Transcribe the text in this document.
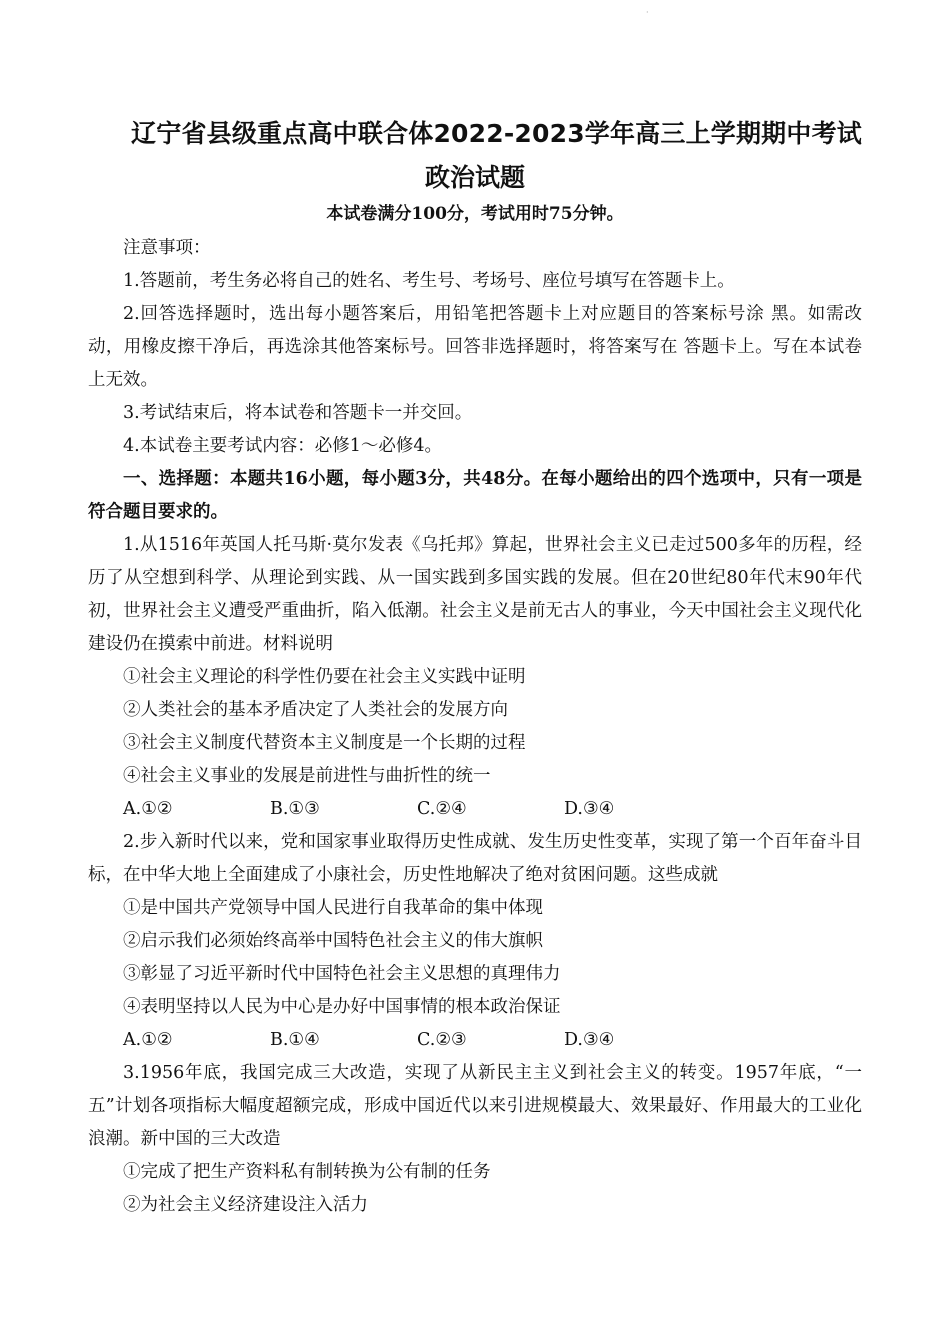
·
辽宁省县级重点高中联合体2022-2023学年高三上学期期中考试
政治试题
本试卷满分100分，考试用时75分钟。

注意事项：

1.答题前，考生务必将自己的姓名、考生号、考场号、座位号填写在答题卡上。

2.回答选择题时，选出每小题答案后，用铅笔把答题卡上对应题目的答案标号涂 黑。如需改动，用橡皮擦干净后，再选涂其他答案标号。回答非选择题时，将答案写在 答题卡上。写在本试卷上无效。

3.考试结束后，将本试卷和答题卡一并交回。

4.本试卷主要考试内容：必修1～必修4。

一、选择题：本题共16小题，每小题3分，共48分。在每小题给出的四个选项中，只有一项是符合题目要求的。

1.从1516年英国人托马斯·莫尔发表《乌托邦》算起，世界社会主义已走过500多年的历程，经历了从空想到科学、从理论到实践、从一国实践到多国实践的发展。但在20世纪80年代末90年代初，世界社会主义遭受严重曲折，陷入低潮。社会主义是前无古人的事业，今天中国社会主义现代化建设仍在摸索中前进。材料说明

①社会主义理论的科学性仍要在社会主义实践中证明

②人类社会的基本矛盾决定了人类社会的发展方向

③社会主义制度代替资本主义制度是一个长期的过程

④社会主义事业的发展是前进性与曲折性的统一

A.①②	B.①③	C.②④	D.③④

2.步入新时代以来，党和国家事业取得历史性成就、发生历史性变革，实现了第一个百年奋斗目标，在中华大地上全面建成了小康社会，历史性地解决了绝对贫困问题。这些成就

①是中国共产党领导中国人民进行自我革命的集中体现

②启示我们必须始终高举中国特色社会主义的伟大旗帜

③彰显了习近平新时代中国特色社会主义思想的真理伟力

④表明坚持以人民为中心是办好中国事情的根本政治保证

A.①②	B.①④	C.②③	D.③④

3.1956年底，我国完成三大改造，实现了从新民主主义到社会主义的转变。1957年底，“一五”计划各项指标大幅度超额完成，形成中国近代以来引进规模最大、效果最好、作用最大的工业化浪潮。新中国的三大改造

①完成了把生产资料私有制转换为公有制的任务

②为社会主义经济建设注入活力
